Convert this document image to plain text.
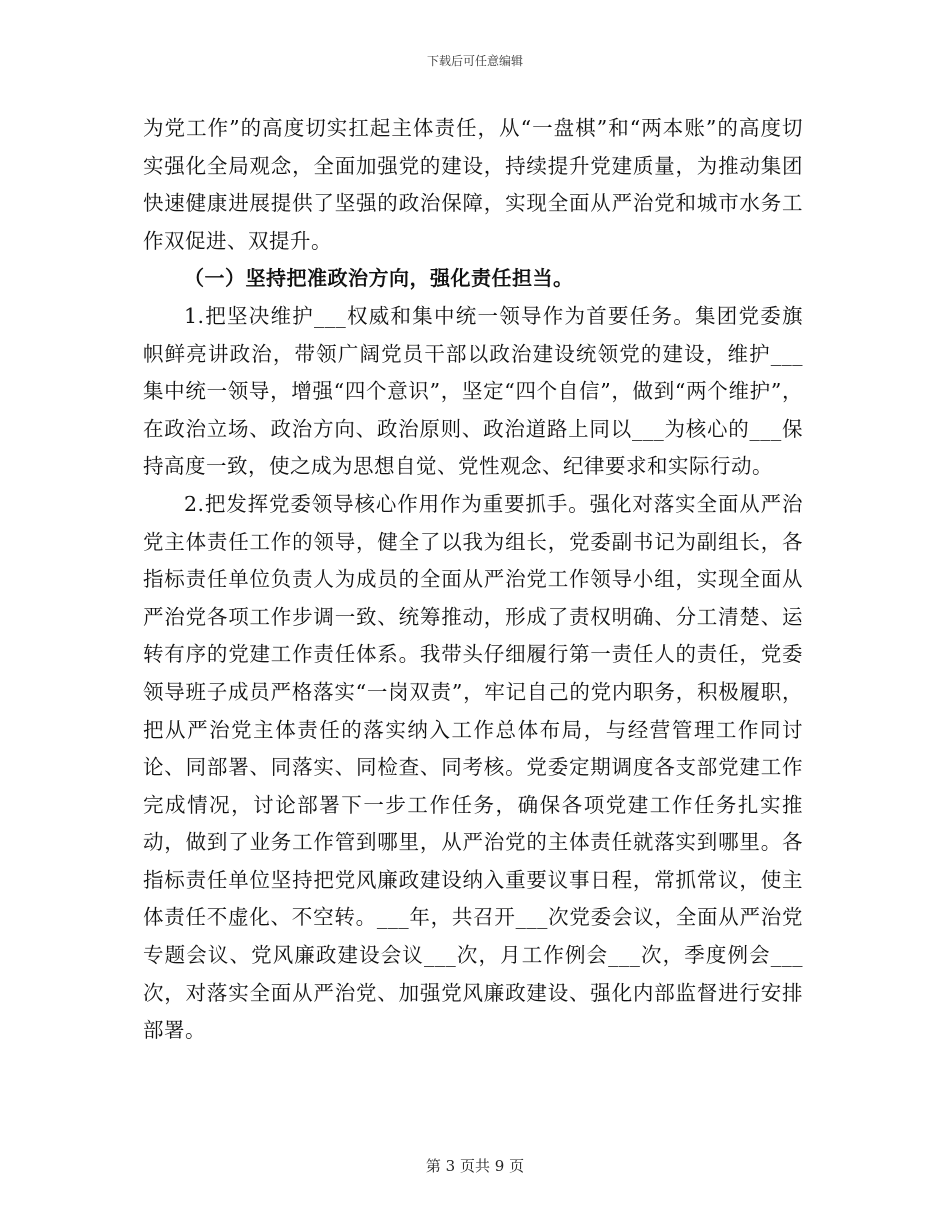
下载后可任意编辑

为党工作”的高度切实扛起主体责任，从“一盘棋”和“两本账”的高度切实强化全局观念，全面加强党的建设，持续提升党建质量，为推动集团快速健康进展提供了坚强的政治保障，实现全面从严治党和城市水务工作双促进、双提升。

（一）坚持把准政治方向，强化责任担当。

1.把坚决维护___权威和集中统一领导作为首要任务。集团党委旗帜鲜亮讲政治，带领广阔党员干部以政治建设统领党的建设，维护___集中统一领导，增强“四个意识”，坚定“四个自信”，做到“两个维护”，在政治立场、政治方向、政治原则、政治道路上同以___为核心的___保持高度一致，使之成为思想自觉、党性观念、纪律要求和实际行动。

2.把发挥党委领导核心作用作为重要抓手。强化对落实全面从严治党主体责任工作的领导，健全了以我为组长，党委副书记为副组长，各指标责任单位负责人为成员的全面从严治党工作领导小组，实现全面从严治党各项工作步调一致、统筹推动，形成了责权明确、分工清楚、运转有序的党建工作责任体系。我带头仔细履行第一责任人的责任，党委领导班子成员严格落实“一岗双责”，牢记自己的党内职务，积极履职，把从严治党主体责任的落实纳入工作总体布局，与经营管理工作同讨论、同部署、同落实、同检查、同考核。党委定期调度各支部党建工作完成情况，讨论部署下一步工作任务，确保各项党建工作任务扎实推动，做到了业务工作管到哪里，从严治党的主体责任就落实到哪里。各指标责任单位坚持把党风廉政建设纳入重要议事日程，常抓常议，使主体责任不虚化、不空转。___年，共召开___次党委会议，全面从严治党专题会议、党风廉政建设会议___次，月工作例会___次，季度例会___次，对落实全面从严治党、加强党风廉政建设、强化内部监督进行安排部署。

第 3 页共 9 页
